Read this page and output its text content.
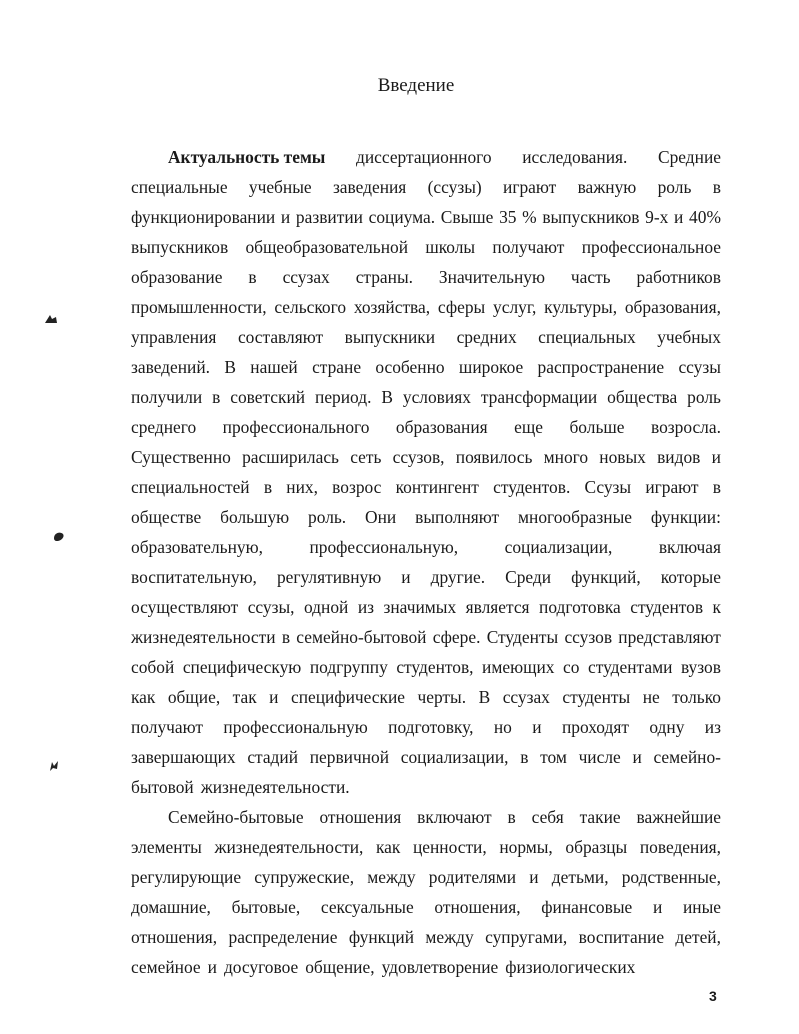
Введение
Актуальность темы диссертационного исследования. Средние
специальные учебные заведения (ссузы) играют важную роль в
функционировании и развитии социума. Свыше 35 % выпускников 9-х и 40%
выпускников общеобразовательной школы получают профессиональное
образование в ссузах страны. Значительную часть работников
промышленности, сельского хозяйства, сферы услуг, культуры, образования,
управления составляют выпускники средних специальных учебных
заведений. В нашей стране особенно широкое распространение ссузы
получили в советский период. В условиях трансформации общества роль
среднего профессионального образования еще больше возросла.
Существенно расширилась сеть ссузов, появилось много новых видов и
специальностей в них, возрос контингент студентов. Ссузы играют в
обществе большую роль. Они выполняют многообразные функции:
образовательную,	профессиональную,	социализации,	включая
воспитательную, регулятивную и другие. Среди функций, которые
осуществляют ссузы, одной из значимых является подготовка студентов к
жизнедеятельности в семейно-бытовой сфере. Студенты ссузов представляют
собой специфическую подгруппу студентов, имеющих со студентами вузов
как общие, так и специфические черты. В ссузах студенты не только
получают профессиональную подготовку, но и проходят одну из
завершающих стадий первичной социализации, в том числе и семейно-
бытовой жизнедеятельности.
Семейно-бытовые отношения включают в себя такие важнейшие
элементы жизнедеятельности, как ценности, нормы, образцы поведения,
регулирующие супружеские, между родителями и детьми, родственные,
домашние, бытовые, сексуальные отношения, финансовые и иные
отношения, распределение функций между супругами, воспитание детей,
семейное и досуговое общение, удовлетворение физиологических
3
